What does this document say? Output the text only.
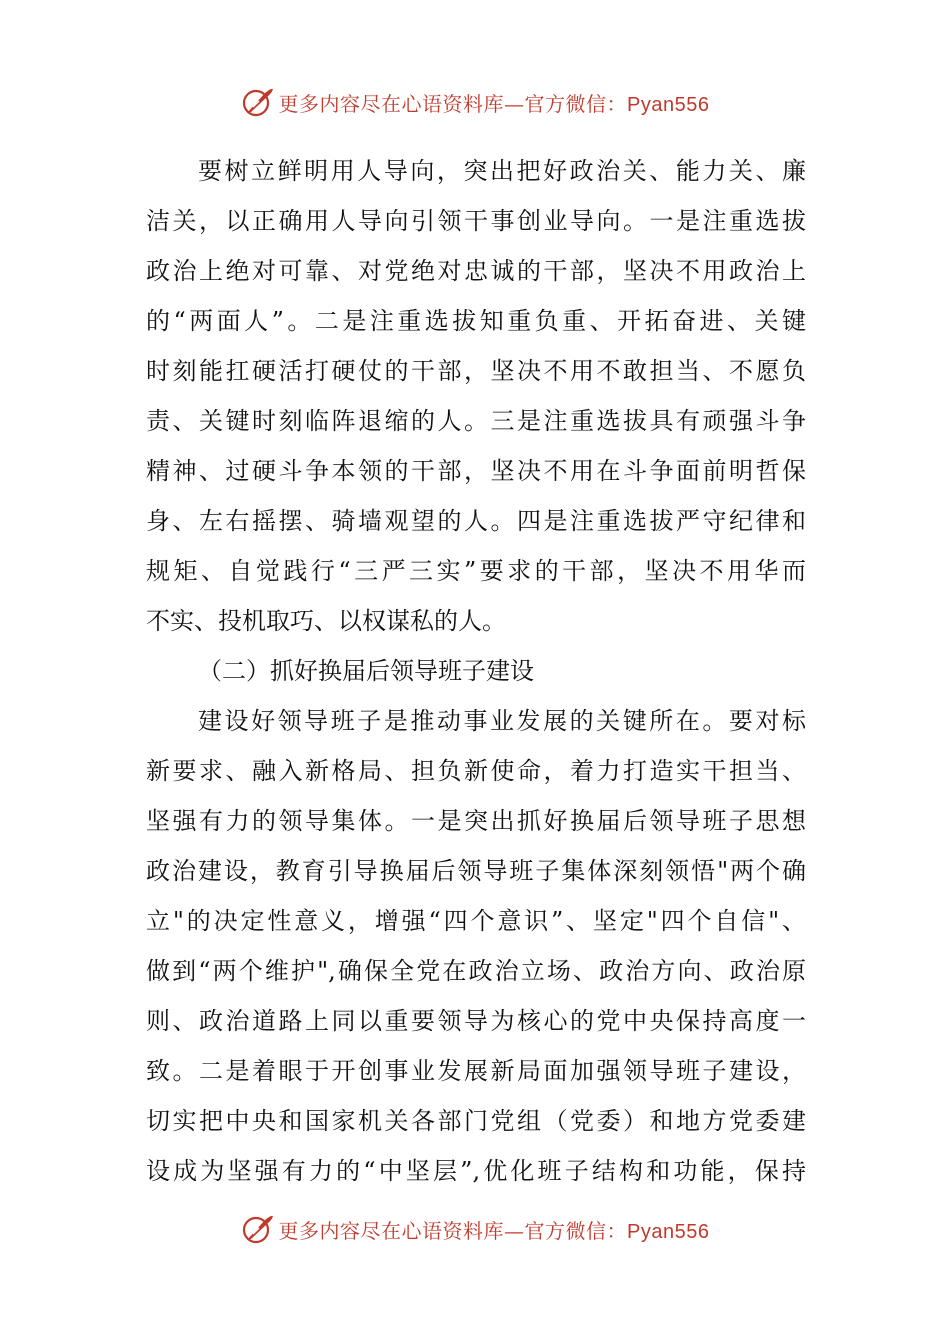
更多内容尽在心语资料库—官方微信：Pyan556
要树立鲜明用人导向，突出把好政治关、能力关、廉
洁关，以正确用人导向引领干事创业导向。一是注重选拔
政治上绝对可靠、对党绝对忠诚的干部，坚决不用政治上
的“两面人”。二是注重选拔知重负重、开拓奋进、关键
时刻能扛硬活打硬仗的干部，坚决不用不敢担当、不愿负
责、关键时刻临阵退缩的人。三是注重选拔具有顽强斗争
精神、过硬斗争本领的干部，坚决不用在斗争面前明哲保
身、左右摇摆、骑墙观望的人。四是注重选拔严守纪律和
规矩、自觉践行“三严三实”要求的干部，坚决不用华而
不实、投机取巧、以权谋私的人。
（二）抓好换届后领导班子建设
建设好领导班子是推动事业发展的关键所在。要对标
新要求、融入新格局、担负新使命，着力打造实干担当、
坚强有力的领导集体。一是突出抓好换届后领导班子思想
政治建设，教育引导换届后领导班子集体深刻领悟"两个确
立"的决定性意义，增强“四个意识”、坚定"四个自信"、
做到“两个维护",确保全党在政治立场、政治方向、政治原
则、政治道路上同以重要领导为核心的党中央保持高度一
致。二是着眼于开创事业发展新局面加强领导班子建设，
切实把中央和国家机关各部门党组（党委）和地方党委建
设成为坚强有力的“中坚层”,优化班子结构和功能，保持
更多内容尽在心语资料库—官方微信：Pyan556
